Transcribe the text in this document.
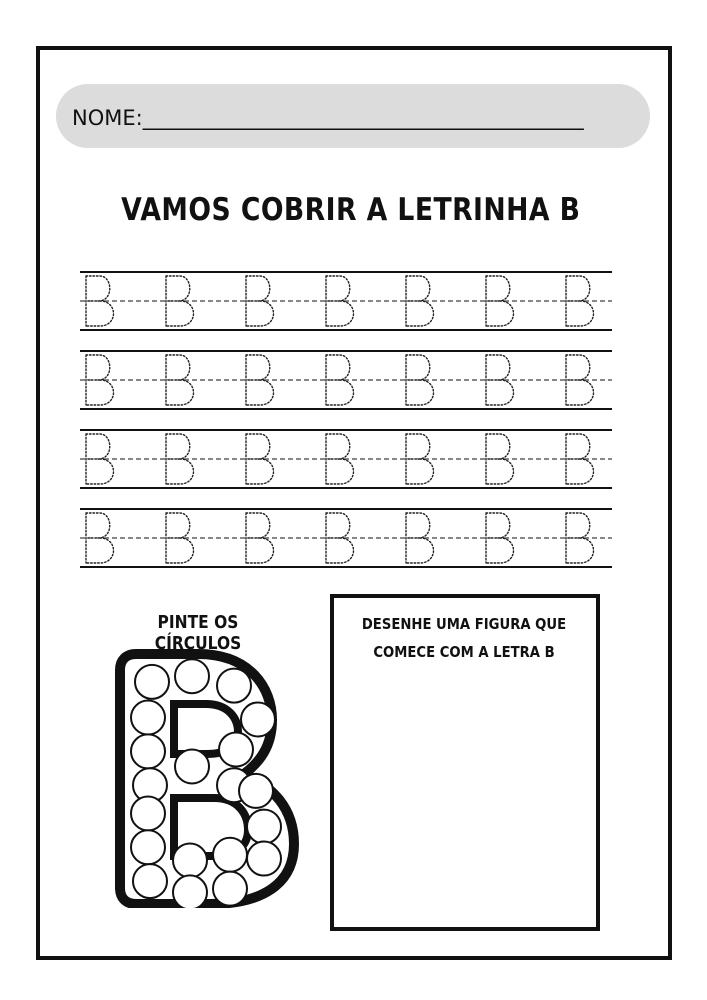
NOME:__________________________________________
VAMOS COBRIR A LETRINHA B
PINTE OS CÍRCULOS
DESENHE UMA FIGURA QUE
COMECE COM A LETRA B
